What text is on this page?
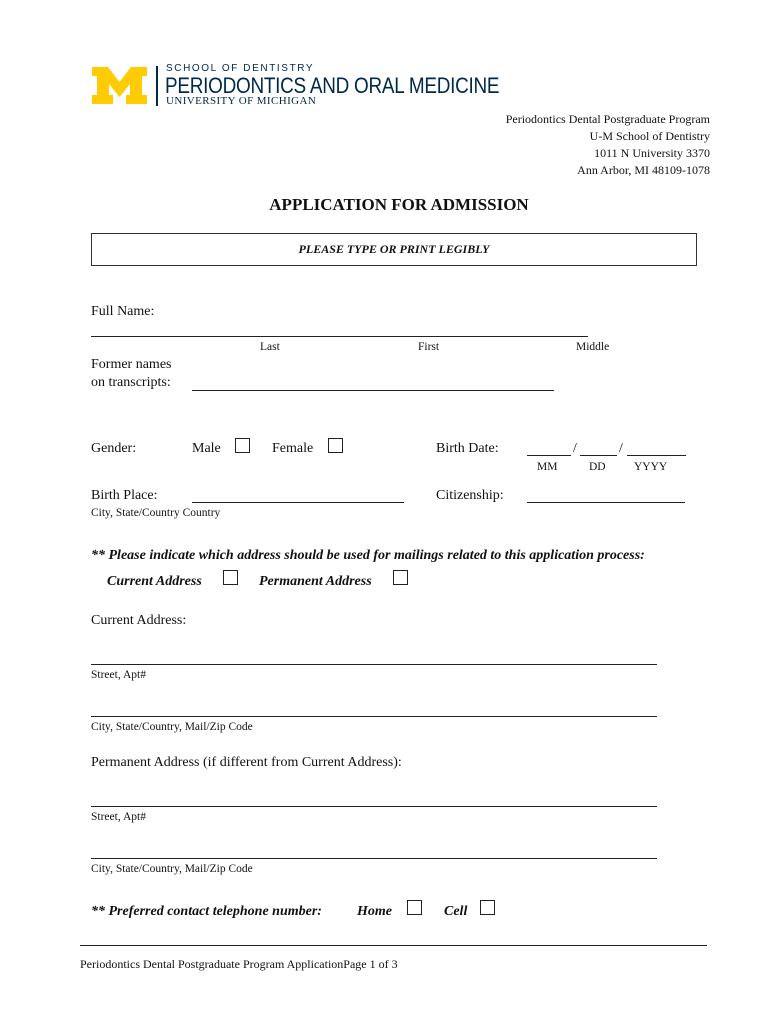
SCHOOL OF DENTISTRY
PERIODONTICS AND ORAL MEDICINE
UNIVERSITY OF MICHIGAN
Periodontics Dental Postgraduate Program
U-M School of Dentistry
1011 N University 3370
Ann Arbor, MI 48109-1078
APPLICATION FOR ADMISSION
PLEASE TYPE OR PRINT LEGIBLY
Full Name:
Last	First	Middle
Former names
on transcripts:
Gender:	Male	Female	Birth Date:	/	/
MM	DD YYYY
Birth Place:
City, State/Country Country
Citizenship:
** Please indicate which address should be used for mailings related to this application process:
Current Address	Permanent Address
Current Address:
Street, Apt#
City, State/Country, Mail/Zip Code
Permanent Address (if different from Current Address):
Street, Apt#
City, State/Country, Mail/Zip Code
** Preferred contact telephone number:	Home	Cell
Periodontics Dental Postgraduate Program ApplicationPage 1 of 3
